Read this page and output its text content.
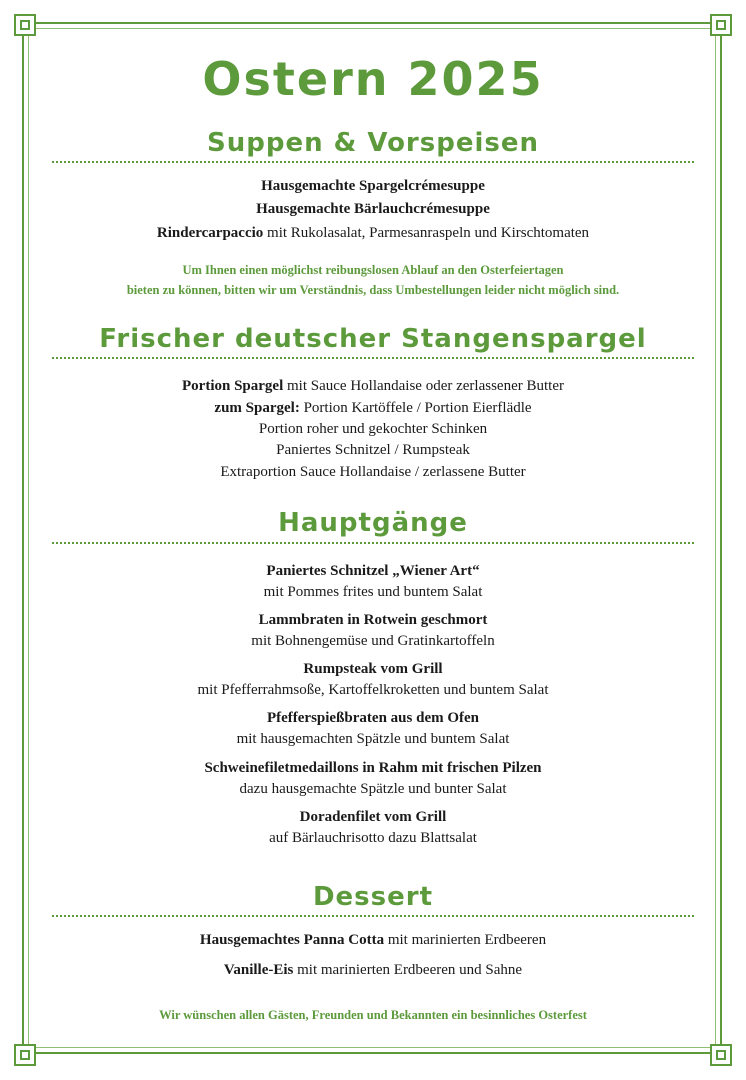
Ostern 2025
Suppen & Vorspeisen
Hausgemachte Spargelcrémesuppe
Hausgemachte Bärlauchcrémesuppe
Rindercarpaccio mit Rukolasalat, Parmesanraspeln und Kirschtomaten
Um Ihnen einen möglichst reibungslosen Ablauf an den Osterfeiertagen
bieten zu können, bitten wir um Verständnis, dass Umbestellungen leider nicht möglich sind.
Frischer deutscher Stangenspargel
Portion Spargel mit Sauce Hollandaise oder zerlassener Butter
zum Spargel: Portion Kartöffele / Portion Eierflädle
Portion roher und gekochter Schinken
Paniertes Schnitzel / Rumpsteak
Extraportion Sauce Hollandaise / zerlassene Butter
Hauptgänge
Paniertes Schnitzel „Wiener Art“
mit Pommes frites und buntem Salat
Lammbraten in Rotwein geschmort
mit Bohnengemüse und Gratinkartoffeln
Rumpsteak vom Grill
mit Pfefferrahmsoße, Kartoffelkroketten und buntem Salat
Pfefferspießbraten aus dem Ofen
mit hausgemachten Spätzle und buntem Salat
Schweinefiletmedaillons in Rahm mit frischen Pilzen
dazu hausgemachte Spätzle und bunter Salat
Doradenfilet vom Grill
auf Bärlauchrisotto dazu Blattsalat
Dessert
Hausgemachtes Panna Cotta mit marinierten Erdbeeren
Vanille-Eis mit marinierten Erdbeeren und Sahne
Wir wünschen allen Gästen, Freunden und Bekannten ein besinnliches Osterfest
